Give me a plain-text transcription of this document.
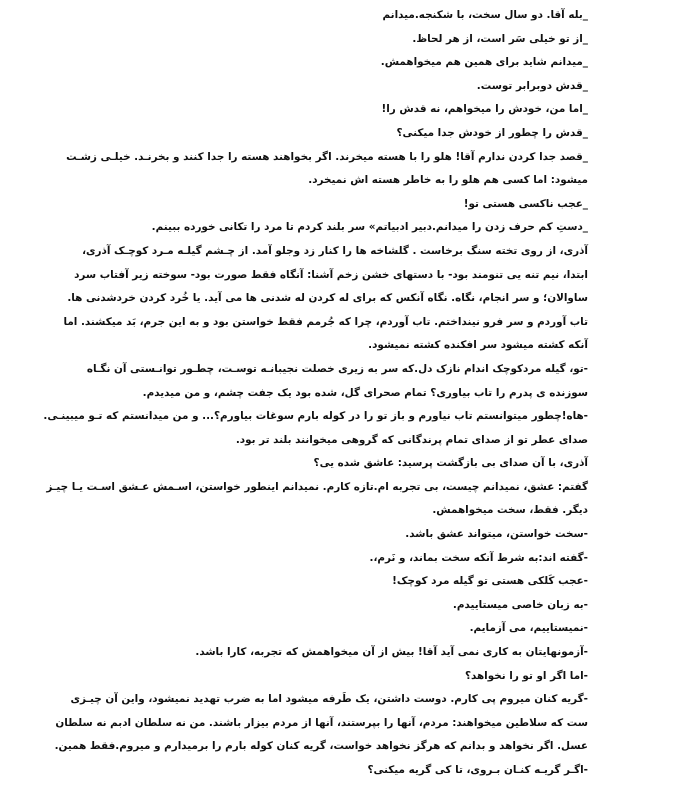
_بله آقا. دو سال سخت، با شکنجه.میدانم
_از تو خیلی سَر است، از هر لحاظ.
_میدانم شاید برای همین هم میخواهمش.
_قدش دوبرابر توست.
_اما من، خودش را میخواهم، نه قدش را!
_قدش را چطور از خودش جدا میکنی؟
_قصد جدا کردن ندارم آقا! هلو را با هسته میخرند. اگر بخواهند هسته را جدا کنند و بخرنـد. خیلـی زشـت
میشود: اما کسی هم هلو را به خاطر هسته اش نمیخرد.
_عجب ناکسی هستی تو!
_دستِ کم حرف زدن را میدانم.دبیر ادبیاتم» سر بلند کردم تا مرد را تکانی خورده ببینم.
آذری، از روی تخته سنگ برخاست . گلشاخه ها را کنار زد وجلو آمد. از چـشم گیلـه مـرد کوچـک آذری،
ابتدا، نیم تنه یی تنومند بود- با دستهای خشن زخم آشنا: آنگاه فقط صورت بود- سوخته زیر آفتاب سرد
ساوالان؛ و سر انجام، نگاه. نگاه آنکس که برای له کردن له شدنی ها می آید. یا خُرد کردن خردشدنی ها.
تاب آوردم و سر فرو نینداختم. تاب آوردم، چرا که جُرمم فقط خواستن بود و به این جرم، بَد میکشند. اما
آنکه کشته میشود سر افکنده کشته نمیشود.
-تو، گیله مردکوچک اندام نازک دل.که سر به زیری خصلت نجیبانـه توسـت، چطـور توانـستی آن نگـاه
سوزنده ی پدرم را تاب بیاوری؟ تمام صحرای گل، شده بود یک جفت چشم، و من میدیدم.
-هاه!چطور میتوانستم تاب نیاورم و باز تو را در کوله بارم سوغات بیاورم؟... و من میدانستم که تـو میبینـی.
صدای عطر تو از صدای تمام پرندگانی که گروهی میخوانند بلند تر بود.
آذری، با آن صدای بی بازگشت پرسید: عاشق شده یی؟
گفتم: عشق، نمیدانم چیست، بی تجربه ام.تازه کارم. نمیدانم اینطور خواستن، اسـمش عـشق اسـت یـا چیـز
دیگر. فقط، سخت میخواهمش.
-سخت خواستن، میتواند عشق باشد.
-گفته اند:به شرط آنکه سخت بماند، و نَرم،.
-عجب کَلکی هستی تو گیله مرد کوچک!
-به زبان خاصی میستاییدم.
-نمیستاییم، می آزمایم.
-آزمونهایتان به کاری نمی آید آقا! بیش از آن میخواهمش که تجربه، کارا باشد.
-اما اگر او تو را نخواهد؟
-گریه کنان میروم پی کارم. دوست داشتن، یک طَرفه میشود اما به ضرب تهدید نمیشود، واین آن چیـزی
ست که سلاطین میخواهند: مردم، آنها را بپرستند، آنها از مردم بیزار باشند. من نه سلطان ادبم نه سلطان
عسل. اگر نخواهد و بدانم که هرگز نخواهد خواست، گریه کنان کوله بارم را برمیدارم و میروم.فقط همین.
-اگـر گریـه کنـان بـروی، تا کی گریه میکنی؟
